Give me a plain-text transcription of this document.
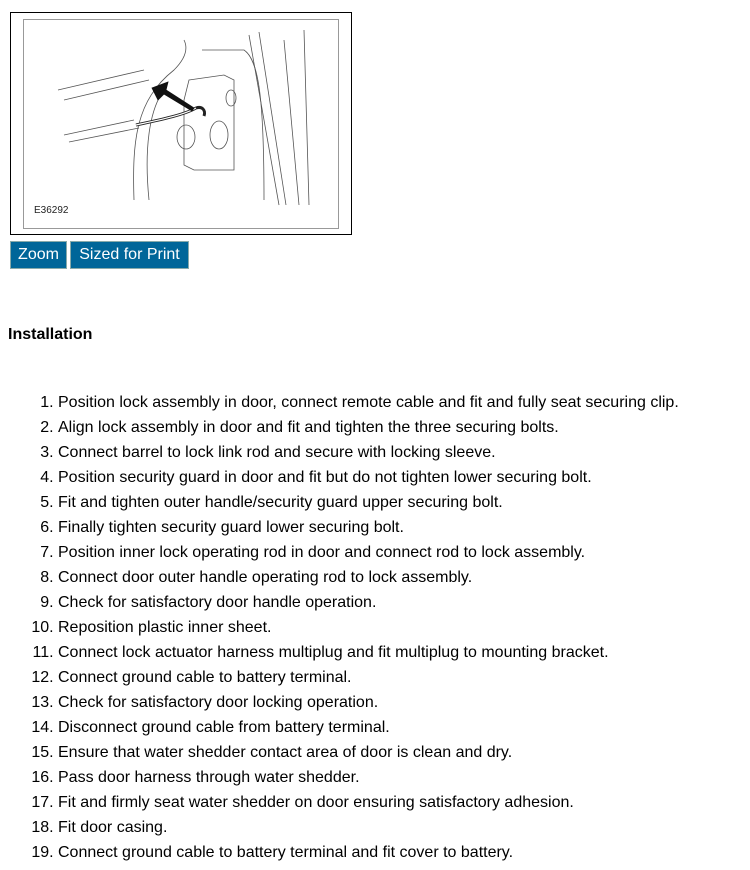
E36292
Zoom	Sized for Print
Installation
1. Position lock assembly in door, connect remote cable and fit and fully seat securing clip.
2. Align lock assembly in door and fit and tighten the three securing bolts.
3. Connect barrel to lock link rod and secure with locking sleeve.
4. Position security guard in door and fit but do not tighten lower securing bolt.
5. Fit and tighten outer handle/security guard upper securing bolt.
6. Finally tighten security guard lower securing bolt.
7. Position inner lock operating rod in door and connect rod to lock assembly.
8. Connect door outer handle operating rod to lock assembly.
9. Check for satisfactory door handle operation.
10. Reposition plastic inner sheet.
11. Connect lock actuator harness multiplug and fit multiplug to mounting bracket.
12. Connect ground cable to battery terminal.
13. Check for satisfactory door locking operation.
14. Disconnect ground cable from battery terminal.
15. Ensure that water shedder contact area of door is clean and dry.
16. Pass door harness through water shedder.
17. Fit and firmly seat water shedder on door ensuring satisfactory adhesion.
18. Fit door casing.
19. Connect ground cable to battery terminal and fit cover to battery.
